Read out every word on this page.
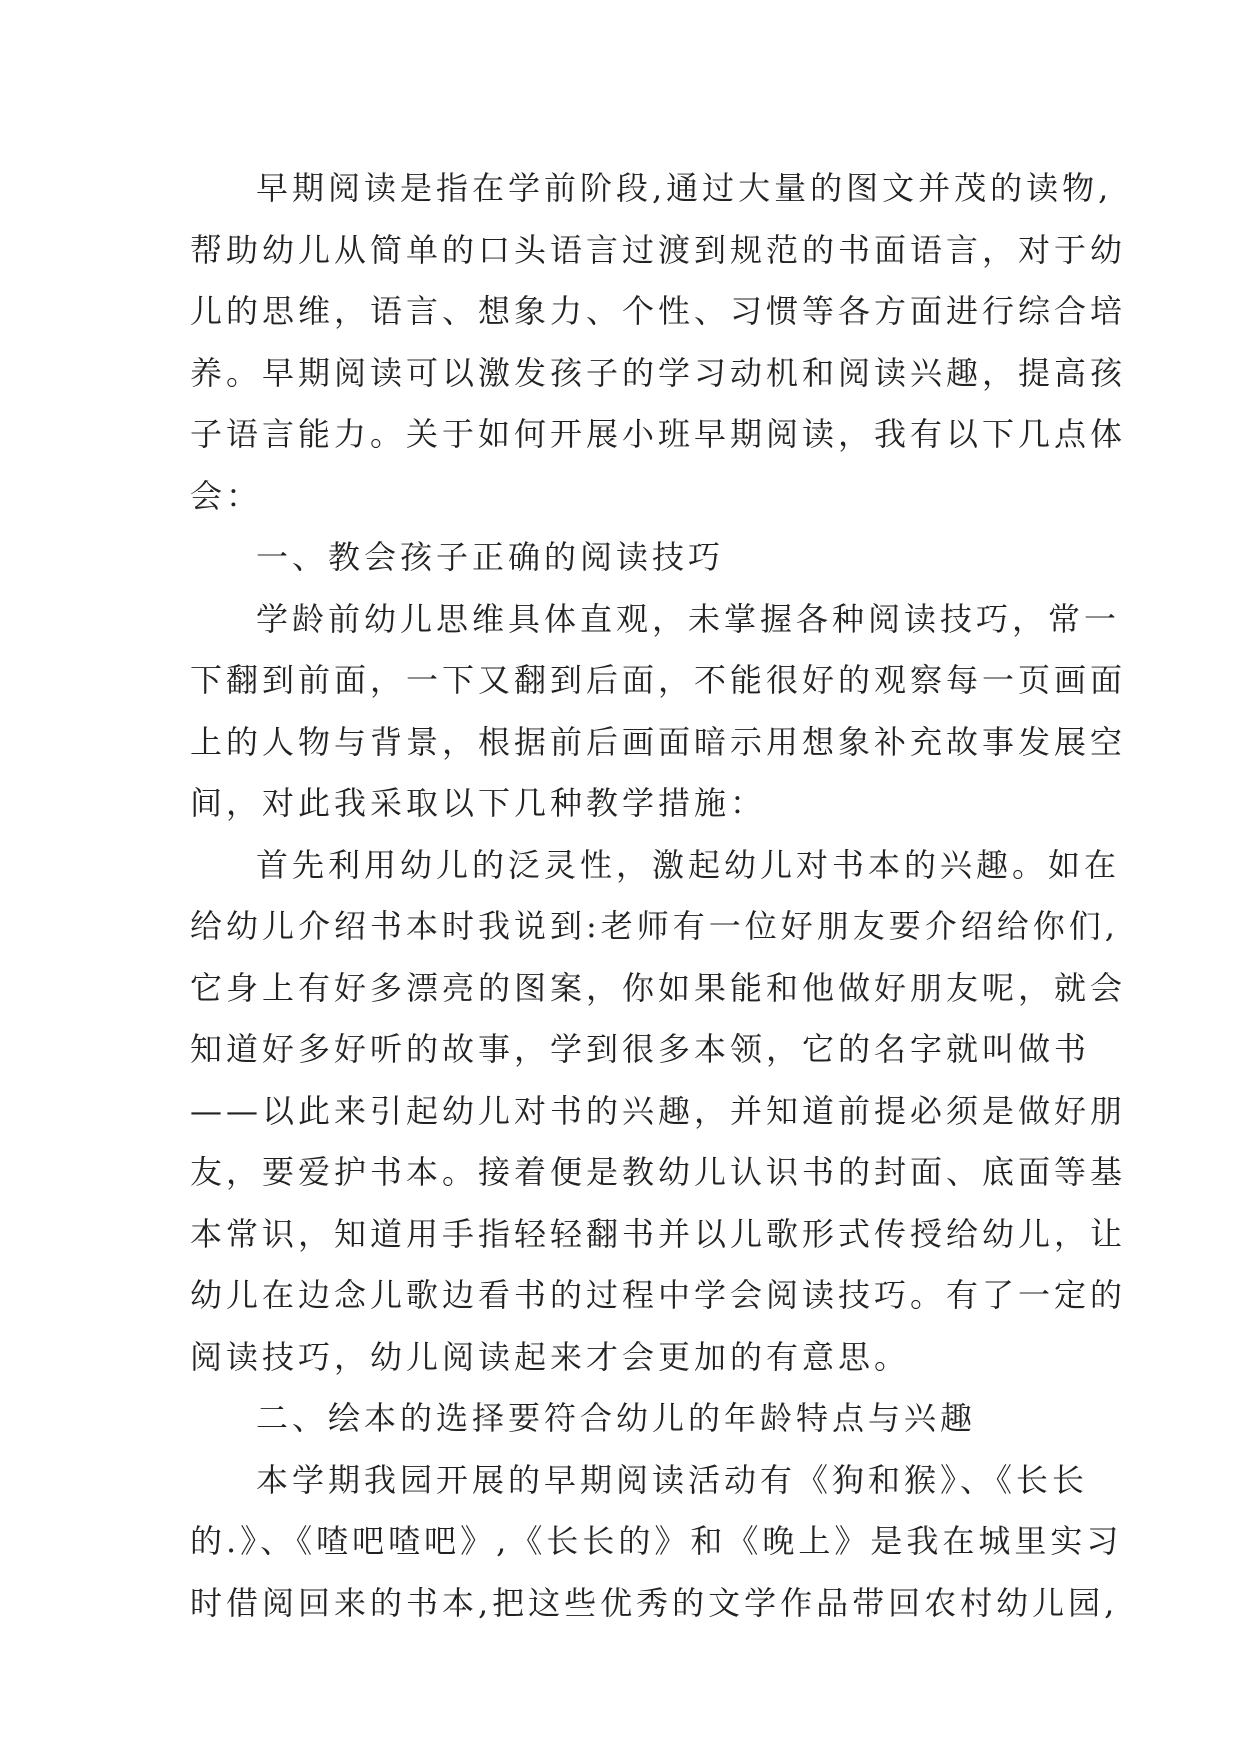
早期阅读是指在学前阶段,通过大量的图文并茂的读物,
帮助幼儿从简单的口头语言过渡到规范的书面语言，对于幼
儿的思维，语言、想象力、个性、习惯等各方面进行综合培
养。早期阅读可以激发孩子的学习动机和阅读兴趣，提高孩
子语言能力。关于如何开展小班早期阅读，我有以下几点体
会：
一、教会孩子正确的阅读技巧
学龄前幼儿思维具体直观，未掌握各种阅读技巧，常一
下翻到前面，一下又翻到后面，不能很好的观察每一页画面
上的人物与背景，根据前后画面暗示用想象补充故事发展空
间，对此我采取以下几种教学措施：
首先利用幼儿的泛灵性，激起幼儿对书本的兴趣。如在
给幼儿介绍书本时我说到:老师有一位好朋友要介绍给你们,
它身上有好多漂亮的图案，你如果能和他做好朋友呢，就会
知道好多好听的故事，学到很多本领，它的名字就叫做书
——以此来引起幼儿对书的兴趣，并知道前提必须是做好朋
友，要爱护书本。接着便是教幼儿认识书的封面、底面等基
本常识，知道用手指轻轻翻书并以儿歌形式传授给幼儿，让
幼儿在边念儿歌边看书的过程中学会阅读技巧。有了一定的
阅读技巧，幼儿阅读起来才会更加的有意思。
二、绘本的选择要符合幼儿的年龄特点与兴趣
本学期我园开展的早期阅读活动有《狗和猴》、《长长
的.》、《喳吧喳吧》,《长长的》和《晚上》是我在城里实习
时借阅回来的书本,把这些优秀的文学作品带回农村幼儿园,
